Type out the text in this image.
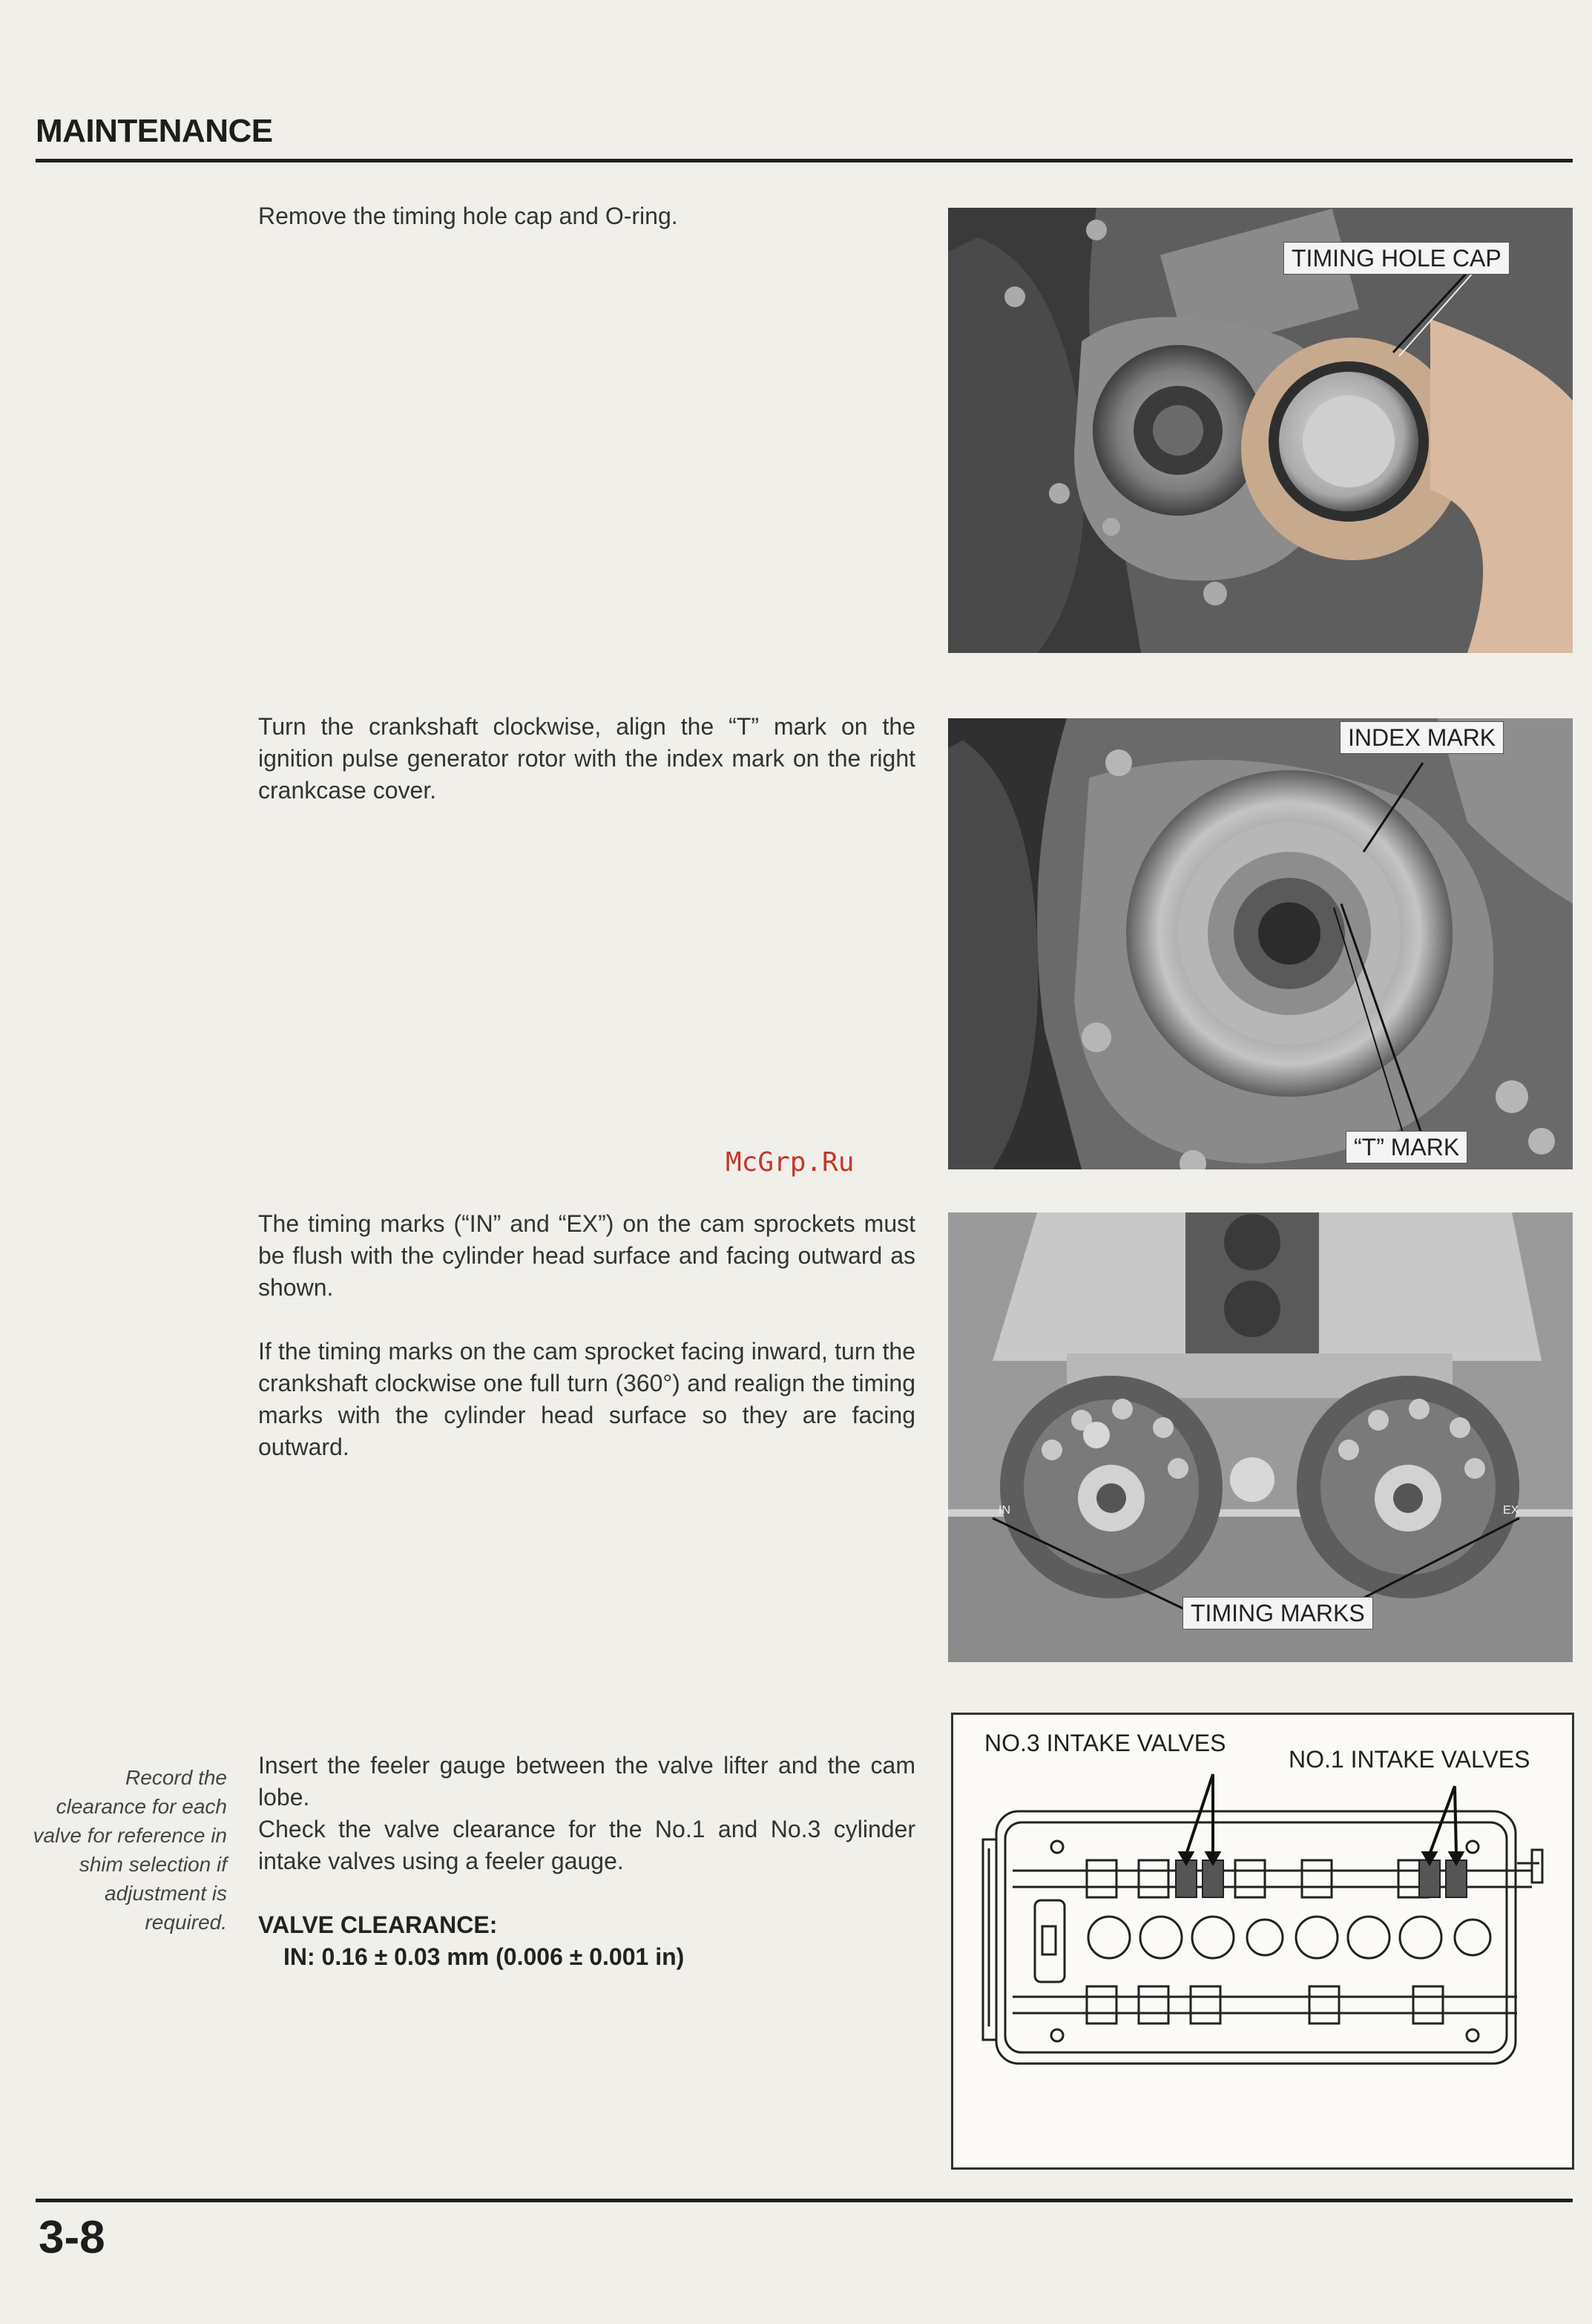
MAINTENANCE

Remove the timing hole cap and O-ring.

TIMING HOLE CAP

Turn the crankshaft clockwise, align the “T” mark on the ignition pulse generator rotor with the index mark on the right crankcase cover.

INDEX MARK
“T” MARK
McGrp.Ru

The timing marks (“IN” and “EX”) on the cam sprockets must be flush with the cylinder head surface and facing outward as shown.

If the timing marks on the cam sprocket facing inward, turn the crankshaft clockwise one full turn (360°) and realign the timing marks with the cylinder head surface so they are facing outward.

IN	EX
TIMING MARKS
Record the clearance for each valve for reference in shim selection if adjustment is required.
Insert the feeler gauge between the valve lifter and the cam lobe.
Check the valve clearance for the No.1 and No.3 cylinder intake valves using a feeler gauge.
VALVE CLEARANCE:
IN: 0.16 ± 0.03 mm (0.006 ± 0.001 in)
NO.3 INTAKE VALVES
NO.1 INTAKE VALVES
3-8
